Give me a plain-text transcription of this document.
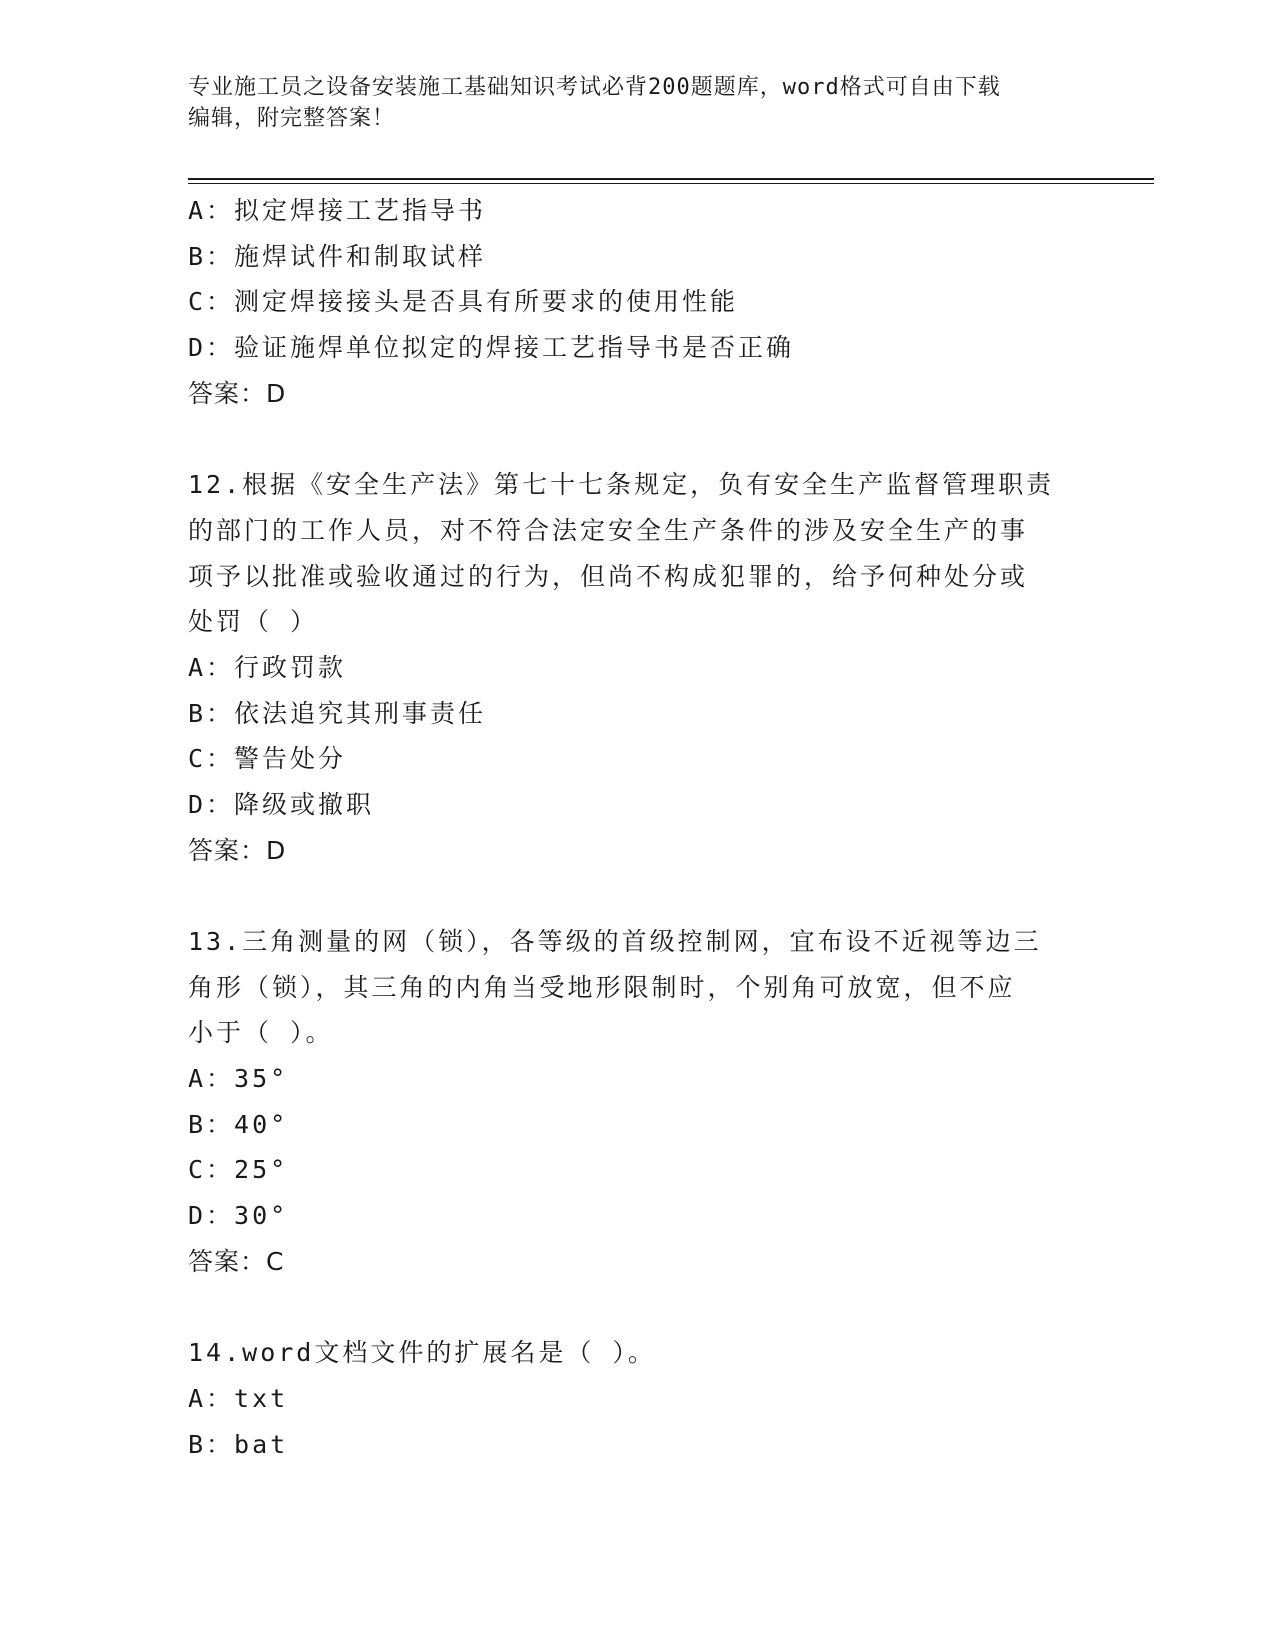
专业施工员之设备安装施工基础知识考试必背200题题库，word格式可自由下载
编辑，附完整答案！
A：拟定焊接工艺指导书
B：施焊试件和制取试样
C：测定焊接接头是否具有所要求的使用性能
D：验证施焊单位拟定的焊接工艺指导书是否正确
答案：D
12.根据《安全生产法》第七十七条规定，负有安全生产监督管理职责
的部门的工作人员，对不符合法定安全生产条件的涉及安全生产的事
项予以批准或验收通过的行为，但尚不构成犯罪的，给予何种处分或
处罚（ ）
A：行政罚款
B：依法追究其刑事责任
C：警告处分
D：降级或撤职
答案：D
13.三角测量的网（锁），各等级的首级控制网，宜布设不近视等边三
角形（锁），其三角的内角当受地形限制时，个别角可放宽，但不应
小于（ ）。
A：35°
B：40°
C：25°
D：30°
答案：C
14.word文档文件的扩展名是（ ）。
A：txt
B：bat
